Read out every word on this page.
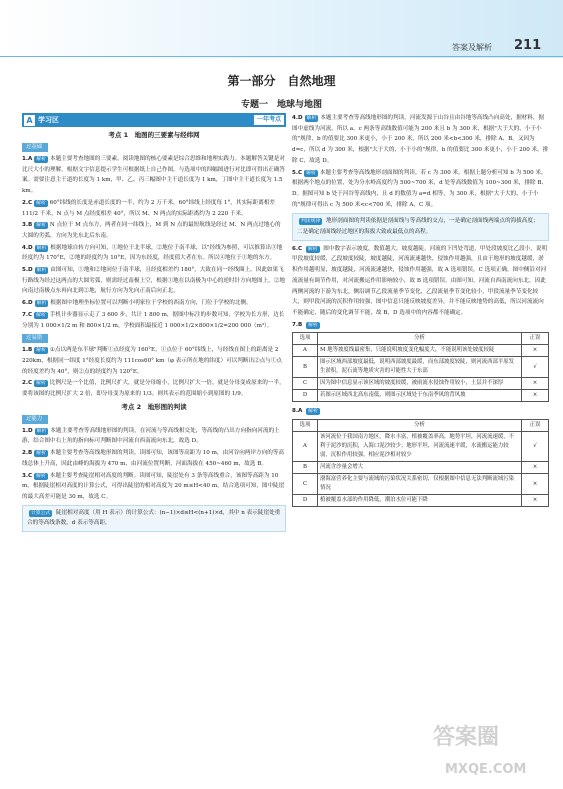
答案及解析 211
第一部分　自然地理
专题一　地球与地图
A 学习区	一年考点
考点 1　地图的三要素与经纬网
过基础

1.A 解析 本题主要考查地图的三要素。阅读地图的核心要素是综合思维和地理实践力。本题解答关键是对比尺大小的理解，根据文字信息提示学生可根据纸上自己作图，与选项中的四幅图进行对比即可得出正确答案。需要注意主干道的长度为 1 km，甲、乙、丙三幅图中主干道长度为 1 km，丁图中主干道长度为 1.5 km。

2.C 解析 60°纬线的长度是赤道长度的一半，约为 2 万千米，60°纬线上经度每 1°，其实际距离相差 111/2 千米，N 点与 M 点经度相差 40°，所以 M、N 两点的实际距离约为 2 220 千米。

3.B 解析 N 点位于 M 点东方，两者在同一纬线上，M 到 N 点的最短航线是经过 M、N 两点过地心的大圆的劣弧，方向为先东北后东南。

4.D 解析 根据地球自转方向可知，①地位于北半球，②地位于南半球，以"经线为参照，可以推算出③地经度约为 170°E，②地的经度约为 10°E，因为东经度，经度值大者在东。所以④地位于①地的东方。

5.D 解析 由图可知，①地和②地同位于南半球，且经度相差约 180°，大致在同一经线圈上。因此如果飞行路线为经过这两点的大圆劣弧，则需经过南极上空，根据①地在以南极为中心的逆时针方向地图上，②地向南过南极点东再向北到②地，航行方向为先向正南后向正北。

6.D 解析 根据图中地理坐标位置可以判断小明家位于学校的西南方向，门位于学校的北侧。

7.C 解析 手机计步器显示走了 3 600 步，共计 1 800 m，据图中标注的步数可知，学校为长方形，边长分别为 1 000×1/2 m 和 800×1/2 m，学校面积最接近 1 000×1/2×800×1/2=200 000（m²）。

过易错

1.B 解析 ①点以两是东半球"判断①点经度为 160°E，①点位于 60°纬线上，与经线在图上的距离是 2 220km，根据同一纬度 1°经度长度约为 111cos60° km（φ 表示所在地的纬度）可以判断出②点与①点的经度差约为 40°，则②点的经度约为 120°E。

2.C 解析 比例尺是一个比值，比例尺扩大，就是分母缩小，比例尺扩大一倍，就是分母变成原来的一半，要将该图的比例尺扩大 2 倍，即分母变为原来的 1/3。则其表示的范围缩小到原图的 1/9。

考点 2　地形图的判读
过能力

1.D 解析 本题主要考查等高线地形图的判读。在河流与等高线相交处，等高线的凸出方向指向河流的上游，结合图中右上角的指向标可判断图中河流自西南流向东北，故选 D。

2.B 解析 本题主要考查等高线地形图的判读。读图可知，该图等高距为 10 m，由河谷向两岸方向的等高线总体上升高，因此由峰的海拔为 470 m，由河流位置判断，河面海拔在 450~460 m，故选 B。

3.C 解析 本题主要考查陡崖相对高度的判断。读图可知，陡崖处有 3 条等高线重合，该图等高距为 10 m，根据陡崖相对高度的计算公式，可得出陡崖的相对高度为 20 m≤H<40 m，结合选项可知，图中陡崖的最大高差可能是 30 m，故选 C。

计算公式 陡崖相对高度（用 H 表示）的计算公式：(n−1)×d≤H<(n+1)×d，其中 n 表示陡崖处重合的等高线条数，d 表示等高距。

4.D 解析 本题主要考查等高线地形图的判读。河流发源于山谷且由谷地等高线凸向高处，据材料，据图中虚线为河流，所以 a、c 两条等高线数值可能为 200 米且 b 为 300 米，根据"大于大的、小于小的"规律，b 的值要比 300 米更小，小于 200 米，所以 200 米<b<300 米，排除 A、B。又因为 d=c，所以 d 为 300 米，根据"大于大的、小于小的"规律，b 的值要比 300 米更小，小于 200 米，排除 C，故选 D。

5.C 解析 本题主要考查等高线地形剖面图的判读。若 c 为 300 米，根据上题分析可知 b 为 500 米，根据两个地点的位置，处为分水岭高度约为 500~700 米，d 处等高线数值为 100~300 米，排除 B、D。据图可知 b 处于河谷等高线内，且 d 的数值为 a=d 相等，为 300 米，根据"大于大的，小于小的"规律可得出 c 为 500 米<c<700 米，排除 A、C 项。

判读规律 地形剖面图的判读依据是剖面线与等高线的交点，一是确定剖面线两端点的海拔高度；二是确定剖面线经过地区的海拔大致或最低点的高程。

6.C 解析 图中数字表示坡度，数值越大，坡度越陡。河流的下凹处弯道，甲处段坡度比乙段小，说明甲段坡度较缓，乙段坡度较陡，坡度越陡，河流流速越快，侵蚀作用越强，且由于地形的坡度越缓，淤积作用越明显，坡度越陡，河流流速越快，侵蚀作用越强，故 A 选项错误，C 选项正确。图中侧沿对河流流量有调节作用，对河流搬运作用影响较小，故 B 选项错误。由图可知，河流自西南流向东北，因此两侧河流的下游为东北，侧沿调节乙段流量季节变化，乙段流量季节变化较小，甲段流量季节变化较大，则甲段河流的沉积作用较强，图中信息只能反映坡度差异，并不能反映地势的高低，所以河流流向不能确定，随后的变化调节不能，故 B、D 选项中的内容都不能确定。

7.B 解析

选项	分析	正误
A	M 地等坡度线最密集，只能说明坡度变化幅度大，不能说明该处坡度较陡	×
B	图示区域西部坡度最低，说明西部坡度最缓，而东部坡度较陡，则河流西部平原发生淤积，泥石流等地质灾害的可能性大于东部	√
C	因为图中信息显示该区域的坡度较缓，被雨流水侵蚀作用较小，土层并不深厚	×
D	若图示区域西北高东南低，则图示区域处于东南季风的背风坡	×

8.A 解析

选项	分析	正误
A	该河流位于我国南方地区，降水丰富，植被覆盖率高，地势平坦，河流流速缓，不利于泥沙的沉积，入海口泥沙较少；地形平坦，河流流速平缓，水流搬运能力较弱，沉积作用较强，相应泥沙相对较少	√
B	河流含沙量会增大	×
C	渤海富营养化主要与流域的污染状况关系密切，仅根据图中信息无法判断流域污染情况	×
D	植被覆盖水部的作用降低，潮泊水位可能下降	×
答案圈
MXQE.COM
